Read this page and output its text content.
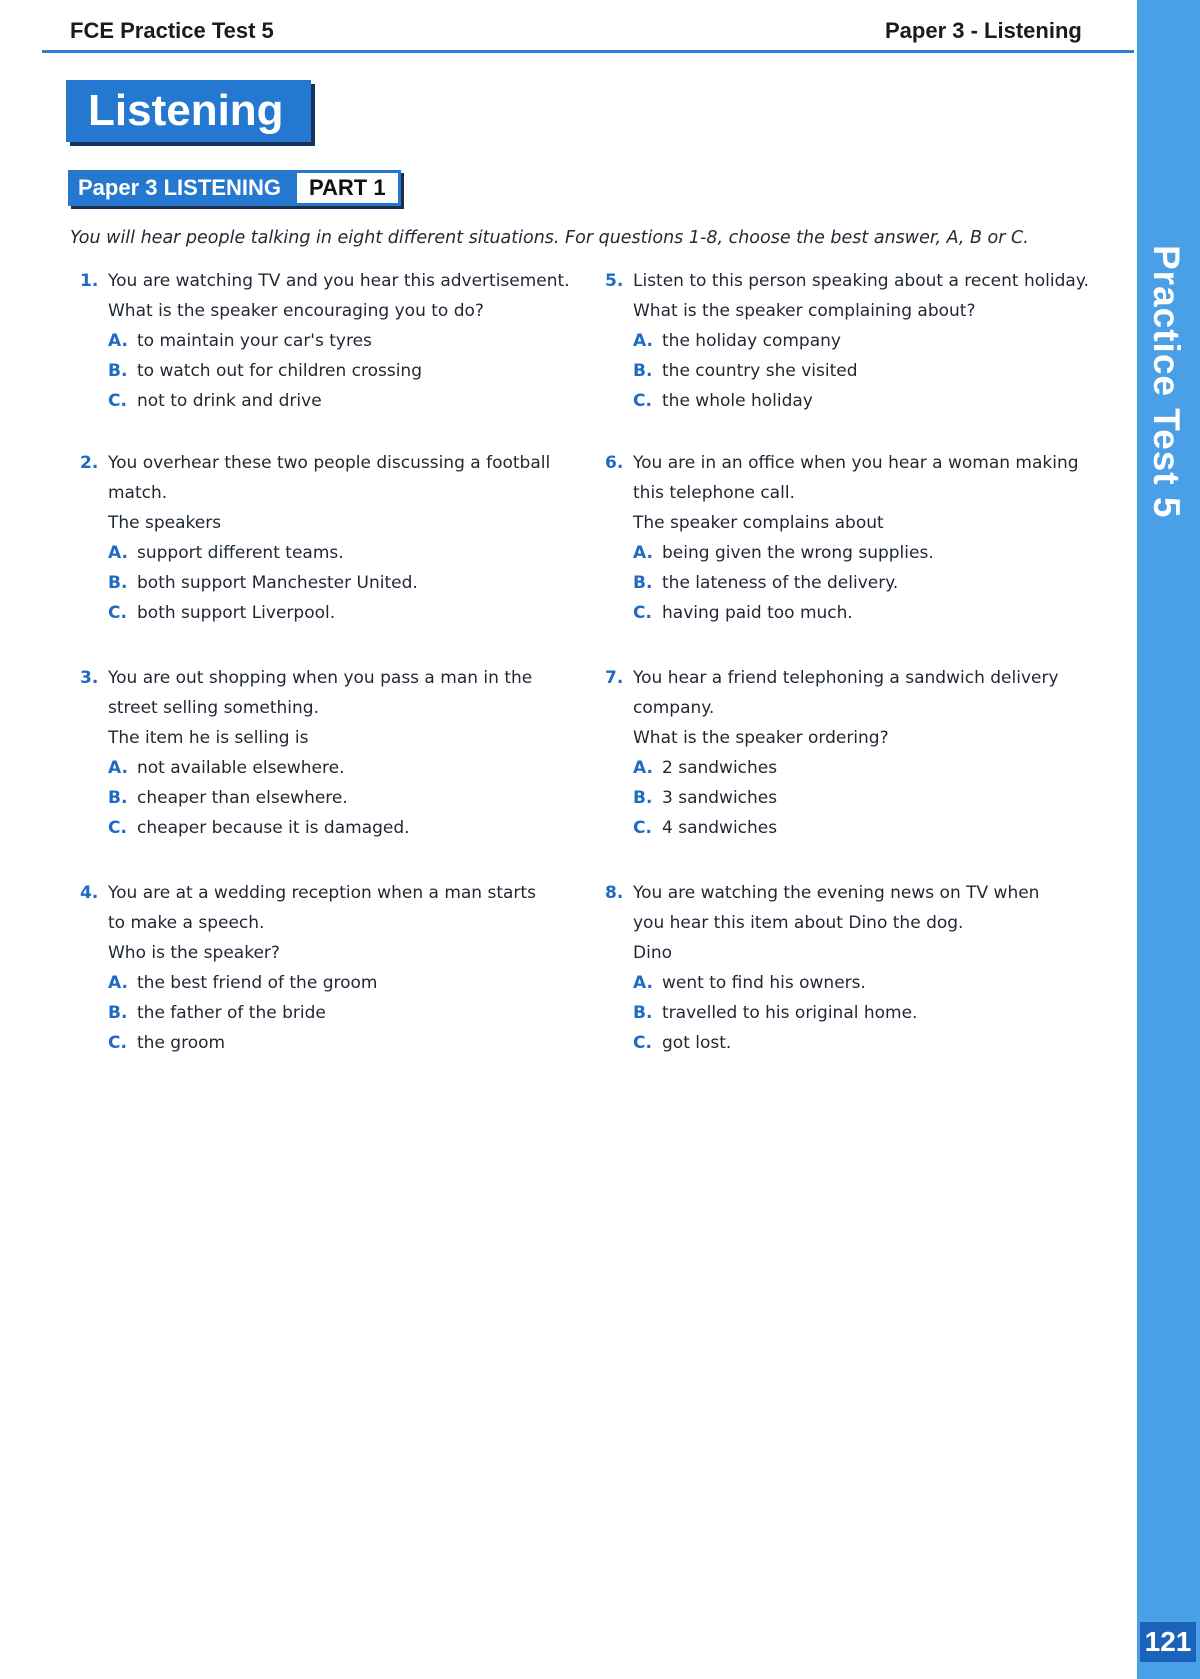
FCE Practice Test 5	Paper 3 - Listening
Practice Test 5
121
Listening
Paper 3 LISTENING	PART 1
You will hear people talking in eight different situations. For questions 1-8, choose the best answer, A, B or C.
1. You are watching TV and you hear this advertisement.
What is the speaker encouraging you to do?
A. to maintain your car's tyres
B. to watch out for children crossing
C. not to drink and drive
2. You overhear these two people discussing a football
match.
The speakers
A. support different teams.
B. both support Manchester United.
C. both support Liverpool.
3. You are out shopping when you pass a man in the
street selling something.
The item he is selling is
A. not available elsewhere.
B. cheaper than elsewhere.
C. cheaper because it is damaged.
4. You are at a wedding reception when a man starts
to make a speech.
Who is the speaker?
A. the best friend of the groom
B. the father of the bride
C. the groom
5. Listen to this person speaking about a recent holiday.
What is the speaker complaining about?
A. the holiday company
B. the country she visited
C. the whole holiday
6. You are in an office when you hear a woman making
this telephone call.
The speaker complains about
A. being given the wrong supplies.
B. the lateness of the delivery.
C. having paid too much.
7. You hear a friend telephoning a sandwich delivery
company.
What is the speaker ordering?
A. 2 sandwiches
B. 3 sandwiches
C. 4 sandwiches
8. You are watching the evening news on TV when
you hear this item about Dino the dog.
Dino
A. went to find his owners.
B. travelled to his original home.
C. got lost.
